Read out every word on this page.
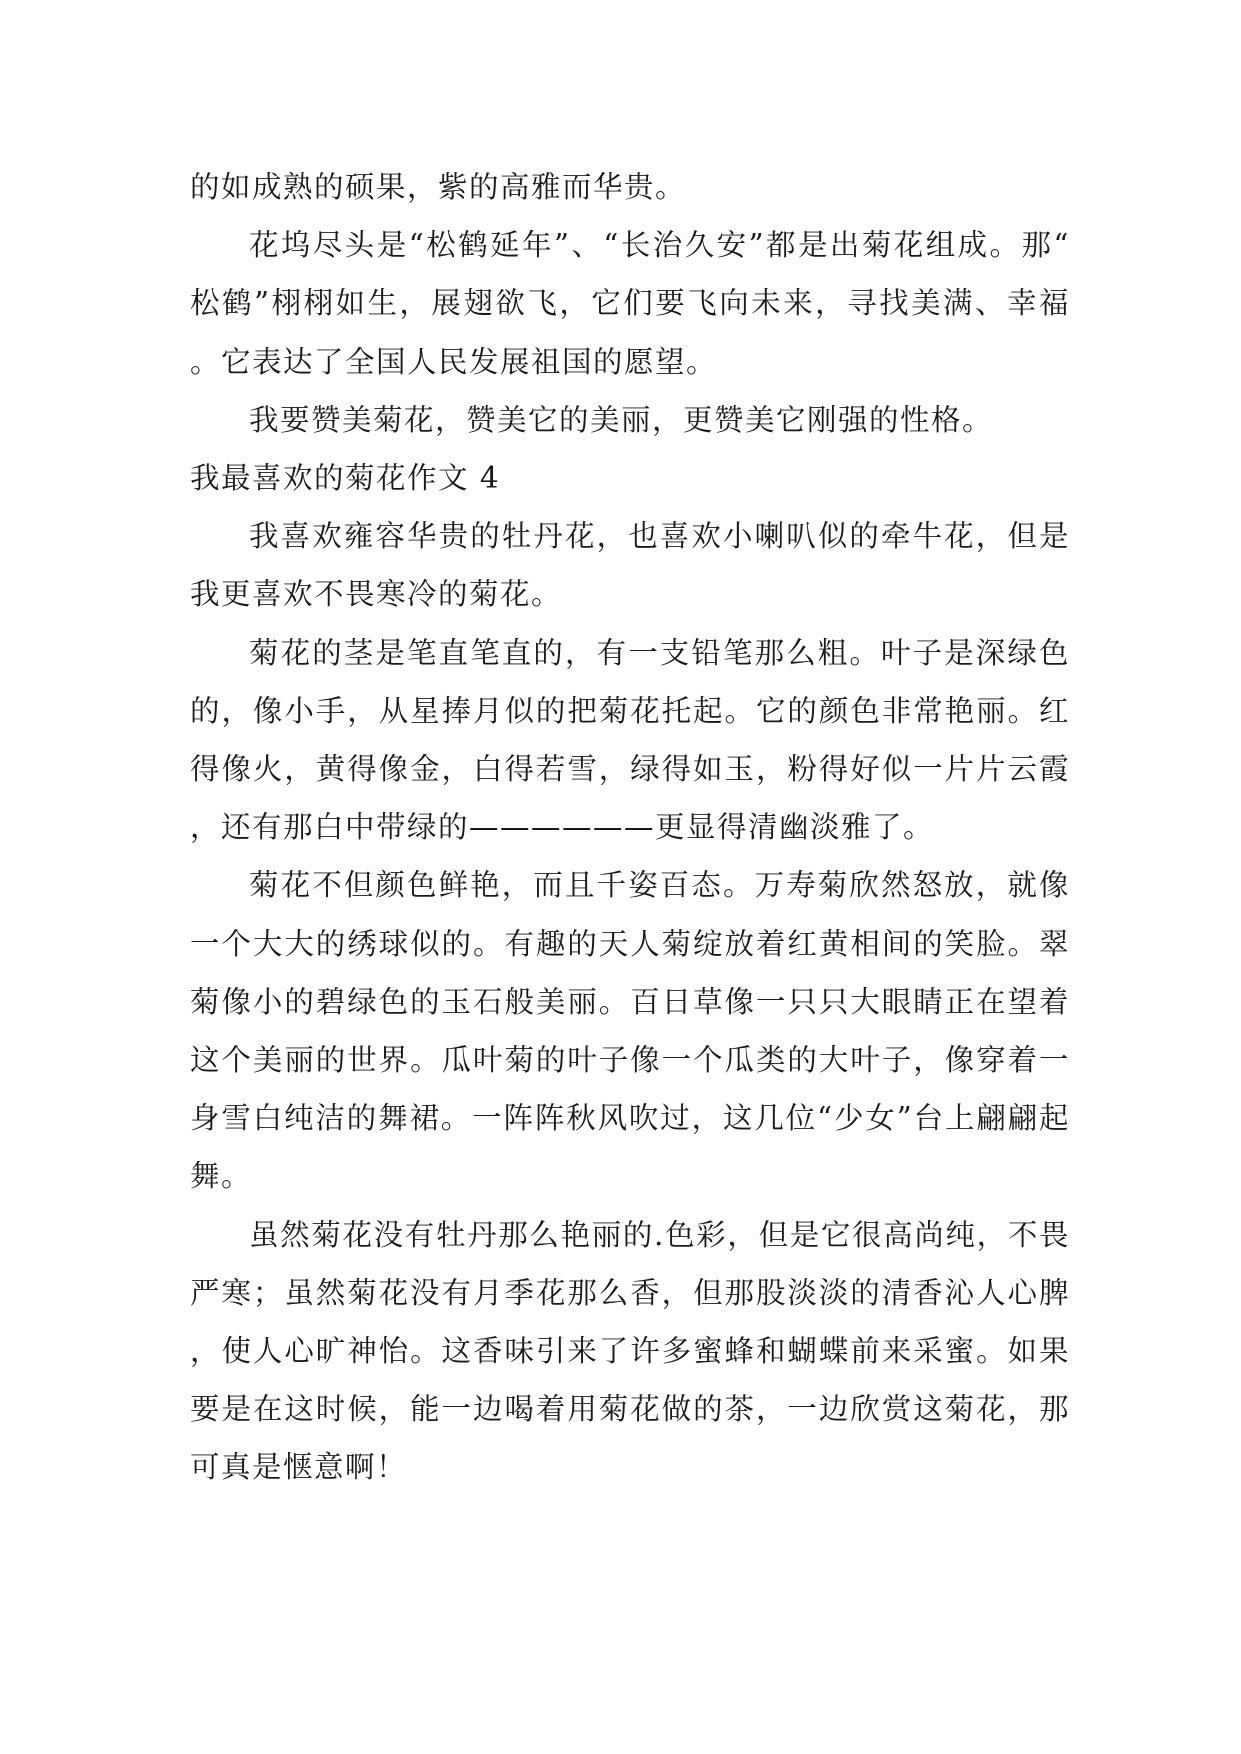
的如成熟的硕果，紫的高雅而华贵。

花坞尽头是“松鹤延年”、“长治久安”都是出菊花组成。那“松鹤”栩栩如生，展翅欲飞，它们要飞向未来，寻找美满、幸福。它表达了全国人民发展祖国的愿望。

我要赞美菊花，赞美它的美丽，更赞美它刚强的性格。

我最喜欢的菊花作文 4

我喜欢雍容华贵的牡丹花，也喜欢小喇叭似的牵牛花，但是我更喜欢不畏寒冷的菊花。

菊花的茎是笔直笔直的，有一支铅笔那么粗。叶子是深绿色的，像小手，从星捧月似的把菊花托起。它的颜色非常艳丽。红得像火，黄得像金，白得若雪，绿得如玉，粉得好似一片片云霞，还有那白中带绿的——————更显得清幽淡雅了。

菊花不但颜色鲜艳，而且千姿百态。万寿菊欣然怒放，就像一个大大的绣球似的。有趣的天人菊绽放着红黄相间的笑脸。翠菊像小的碧绿色的玉石般美丽。百日草像一只只大眼睛正在望着这个美丽的世界。瓜叶菊的叶子像一个瓜类的大叶子，像穿着一身雪白纯洁的舞裙。一阵阵秋风吹过，这几位“少女”台上翩翩起舞。

虽然菊花没有牡丹那么艳丽的.色彩，但是它很高尚纯，不畏严寒；虽然菊花没有月季花那么香，但那股淡淡的清香沁人心脾，使人心旷神怡。这香味引来了许多蜜蜂和蝴蝶前来采蜜。如果要是在这时候，能一边喝着用菊花做的茶，一边欣赏这菊花，那可真是惬意啊！
